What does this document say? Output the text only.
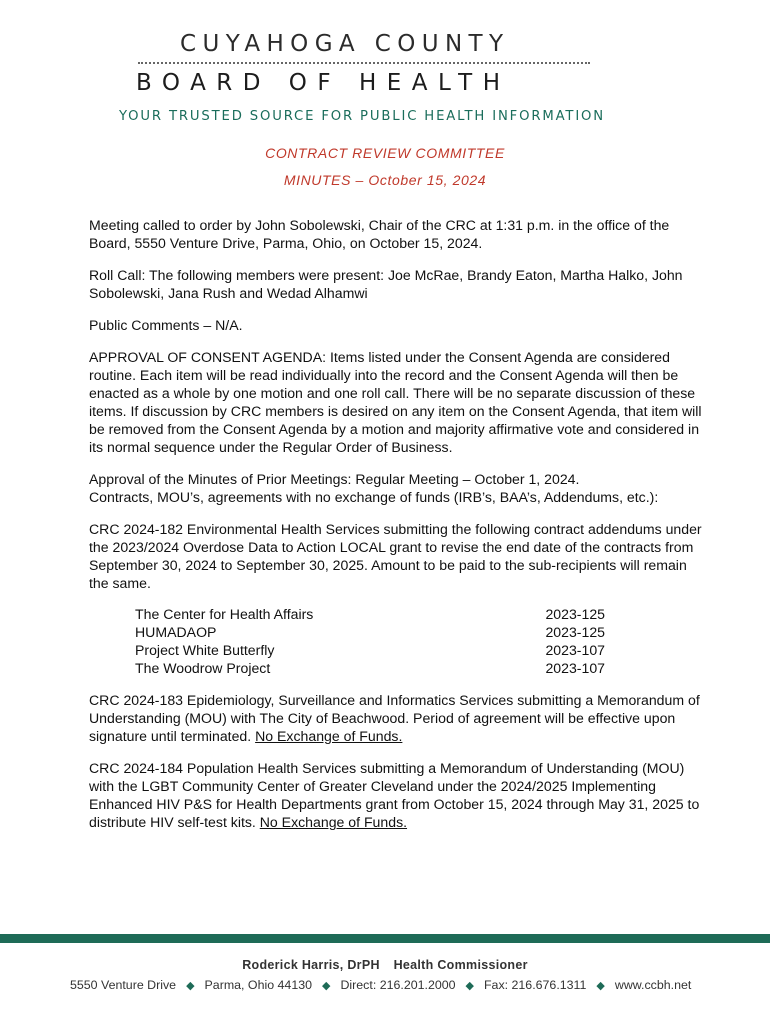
CUYAHOGA COUNTY
BOARD OF HEALTH
YOUR TRUSTED SOURCE FOR PUBLIC HEALTH INFORMATION
CONTRACT REVIEW COMMITTEE
MINUTES – October 15, 2024

Meeting called to order by John Sobolewski, Chair of the CRC at 1:31 p.m. in the office of the Board, 5550 Venture Drive, Parma, Ohio, on October 15, 2024.

Roll Call: The following members were present: Joe McRae, Brandy Eaton, Martha Halko, John Sobolewski, Jana Rush and Wedad Alhamwi

Public Comments – N/A.

APPROVAL OF CONSENT AGENDA: Items listed under the Consent Agenda are considered routine. Each item will be read individually into the record and the Consent Agenda will then be enacted as a whole by one motion and one roll call. There will be no separate discussion of these items. If discussion by CRC members is desired on any item on the Consent Agenda, that item will be removed from the Consent Agenda by a motion and majority affirmative vote and considered in its normal sequence under the Regular Order of Business.

Approval of the Minutes of Prior Meetings: Regular Meeting – October 1, 2024.
Contracts, MOU’s, agreements with no exchange of funds (IRB’s, BAA’s, Addendums, etc.):

CRC 2024-182 Environmental Health Services submitting the following contract addendums under the 2023/2024 Overdose Data to Action LOCAL grant to revise the end date of the contracts from September 30, 2024 to September 30, 2025. Amount to be paid to the sub-recipients will remain the same.

The Center for Health Affairs	2023-125
HUMADAOP	2023-125
Project White Butterfly	2023-107
The Woodrow Project	2023-107

CRC 2024-183 Epidemiology, Surveillance and Informatics Services submitting a Memorandum of Understanding (MOU) with The City of Beachwood. Period of agreement will be effective upon signature until terminated. No Exchange of Funds.

CRC 2024-184 Population Health Services submitting a Memorandum of Understanding (MOU) with the LGBT Community Center of Greater Cleveland under the 2024/2025 Implementing Enhanced HIV P&S for Health Departments grant from October 15, 2024 through May 31, 2025 to distribute HIV self-test kits. No Exchange of Funds.

Roderick Harris, DrPH Health Commissioner
5550 Venture Drive ◆ Parma, Ohio 44130 ◆ Direct: 216.201.2000 ◆ Fax: 216.676.1311 ◆ www.ccbh.net
